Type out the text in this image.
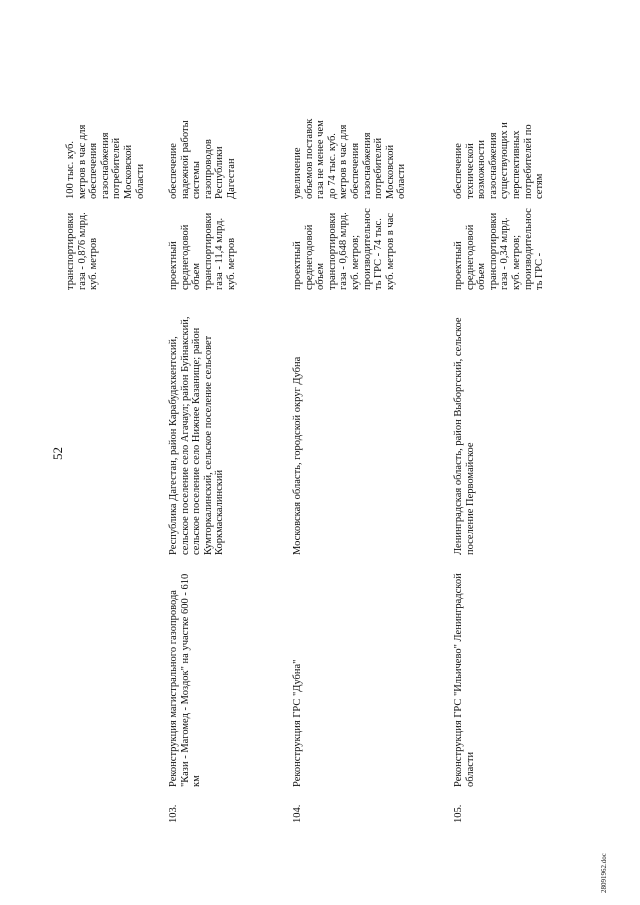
52
транспортировки газа - 0,876 млрд. куб. метров
100 тыс. куб. метров в час для обеспечения газоснабжения потребителей Московской области
103.
Реконструкция магистрального газопровода "Кази - Магомед - Моздок" на участке 600 - 610 км
Республика Дагестан, район Карабудахкентский, сельское поселение село Агачаул; район Буйнакский, сельское поселение село Нижнее Казанище; район Кумторкалинский, сельское поселение сельсовет Коркмаскалинский
проектный среднегодовой объем транспортировки газа - 11,4 млрд. куб. метров
обеспечение надежной работы системы газопроводов Республики Дагестан
104.
Реконструкция ГРС "Дубна"
Московская область, городской округ Дубна
проектный среднегодовой объем транспортировки газа - 0,648 млрд. куб. метров; производительность ГРС - 74 тыс. куб. метров в час
увеличение объемов поставок газа не менее чем до 74 тыс. куб. метров в час для обеспечения газоснабжения потребителей Московской области
105.
Реконструкция ГРС "Ильичево" Ленинградской области
Ленинградская область, район Выборгский, сельское поселение Первомайское
проектный среднегодовой объем транспортировки газа - 0,34 млрд. куб. метров; производительность ГРС -
обеспечение технической возможности газоснабжения существующих и перспективных потребителей по сетям
28091962.doc
